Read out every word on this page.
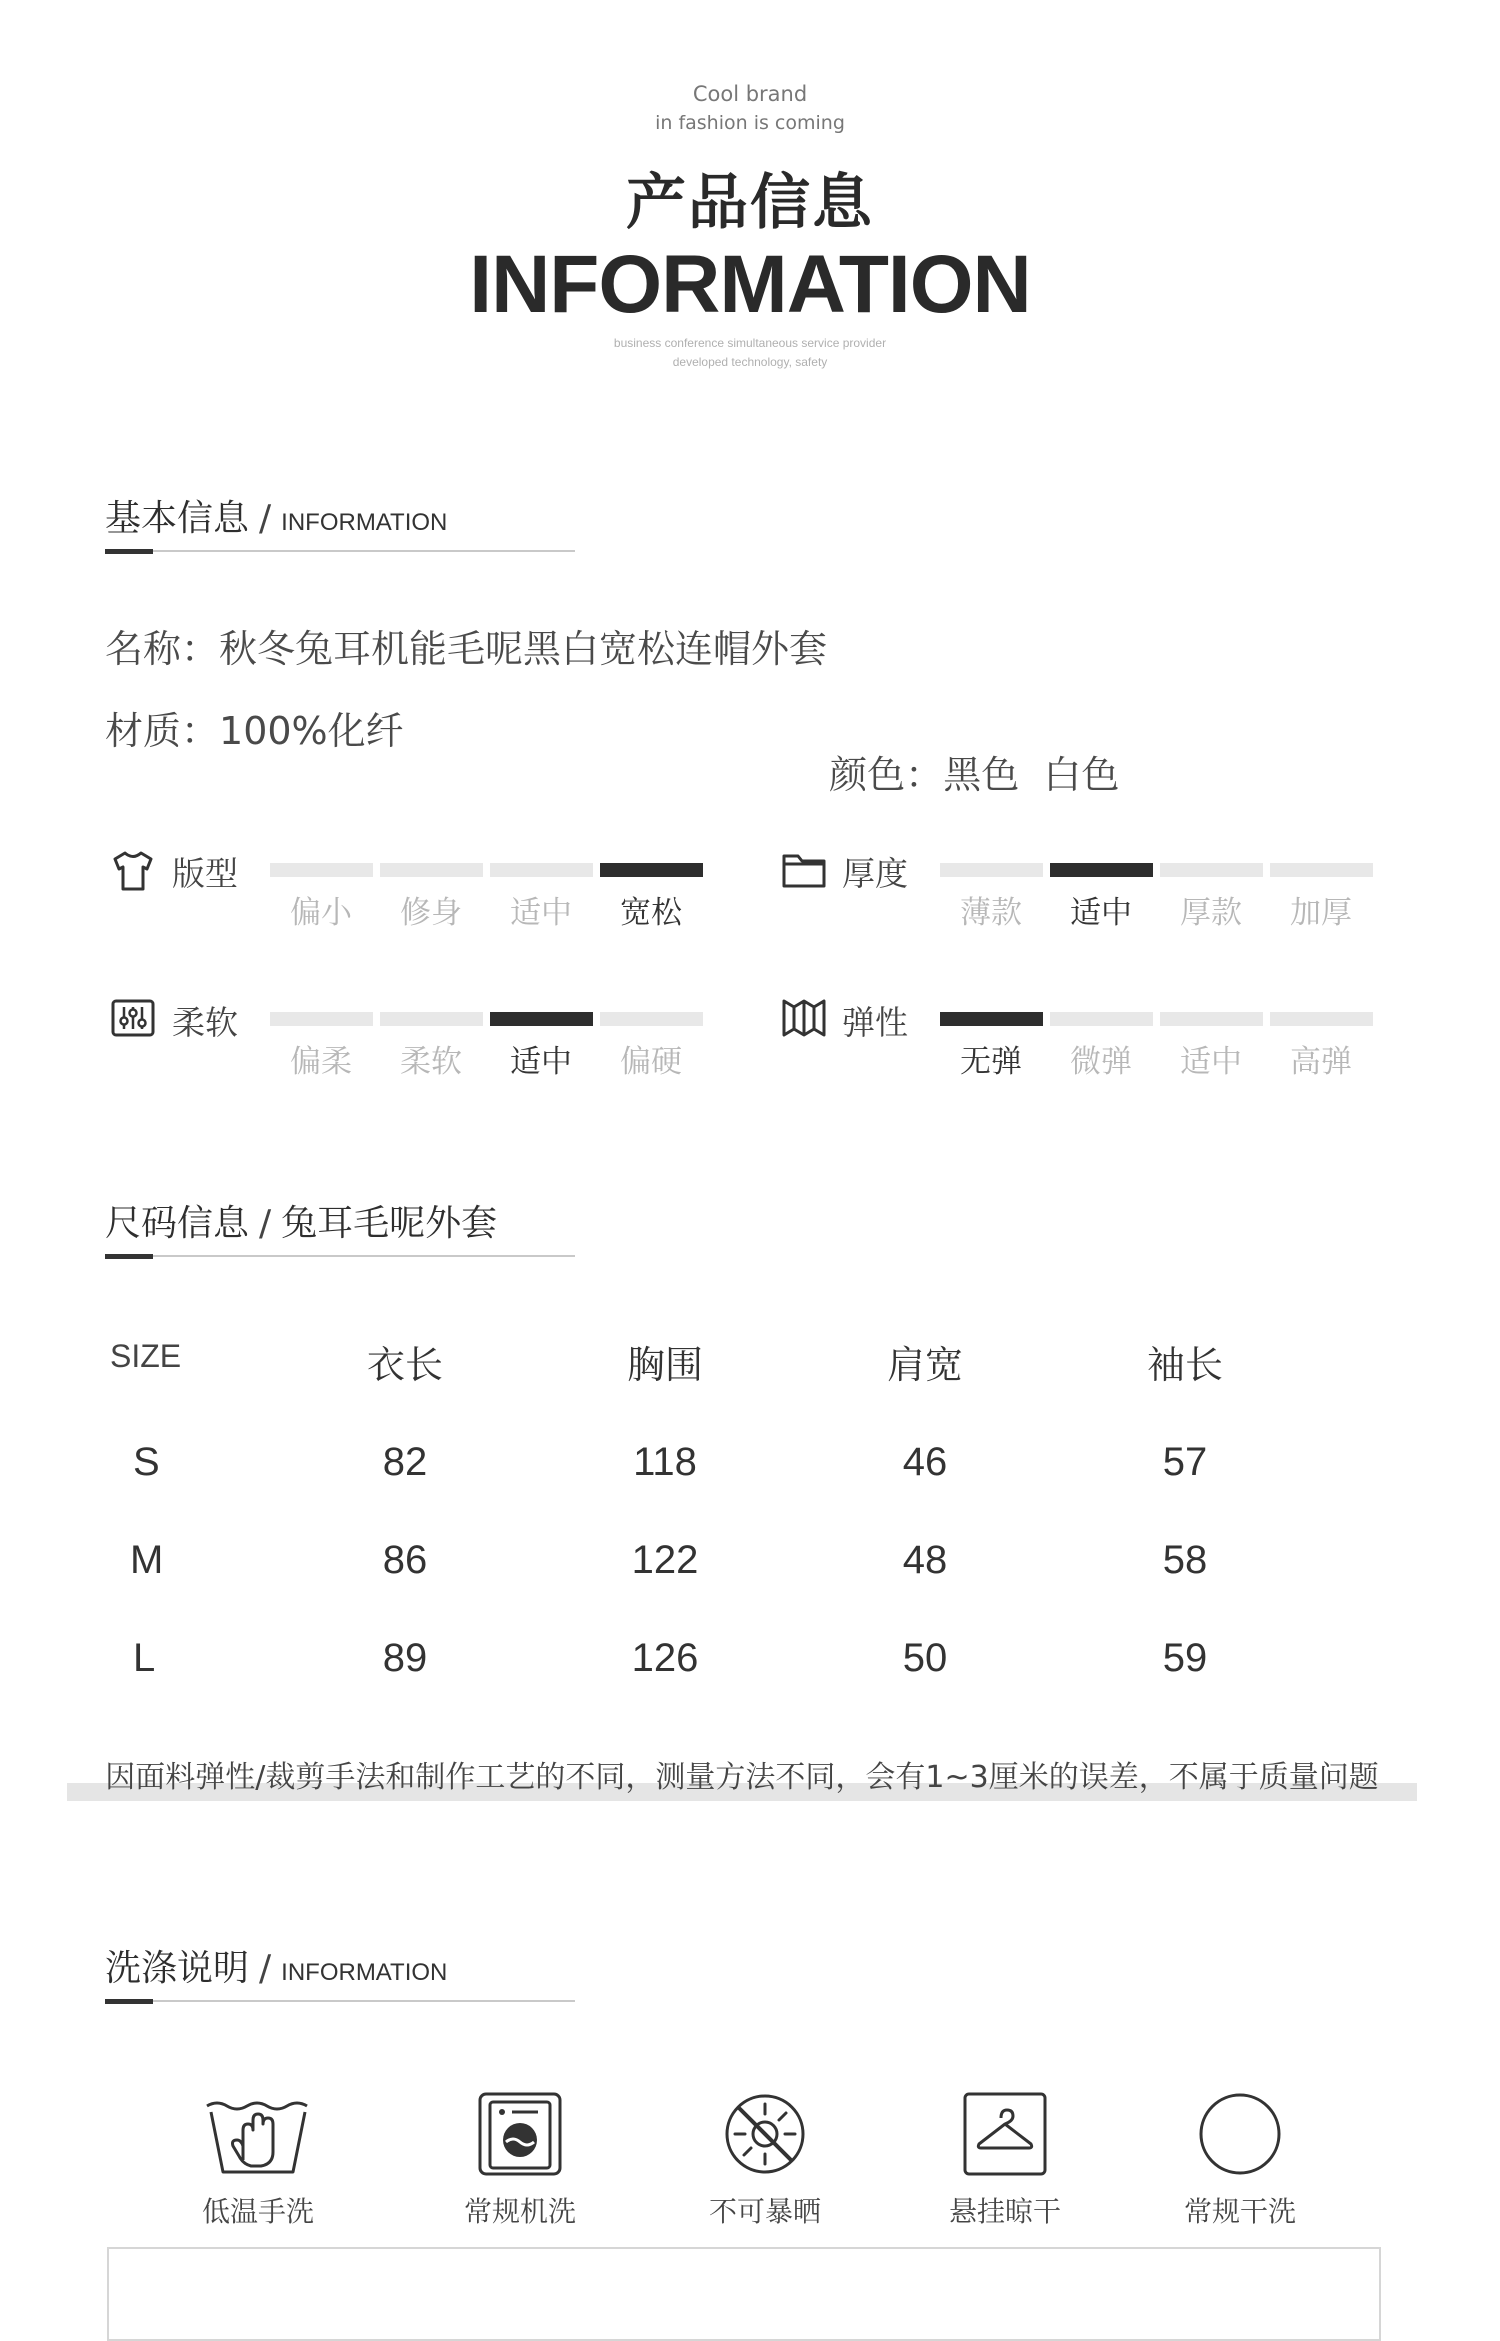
Cool brand
in fashion is coming
产品信息
INFORMATION
business conference simultaneous service provider
developed technology, safety
基本信息 / INFORMATION
名称：秋冬兔耳机能毛呢黑白宽松连帽外套
材质：100%化纤

颜色：黑色  白色

版型
偏小	修身	适中	宽松
厚度
薄款	适中	厚款	加厚
柔软
偏柔	柔软	适中	偏硬
弹性
无弹	微弹	适中	高弹
尺码信息 / 兔耳毛呢外套
SIZE	衣长	胸围	肩宽	袖长
S	82	118	46	57
M	86	122	48	58
L	89	126	50	59
因面料弹性/裁剪手法和制作工艺的不同，测量方法不同，会有1~3厘米的误差，不属于质量问题
洗涤说明 / INFORMATION
低温手洗	常规机洗	不可暴晒	悬挂晾干	常规干洗
